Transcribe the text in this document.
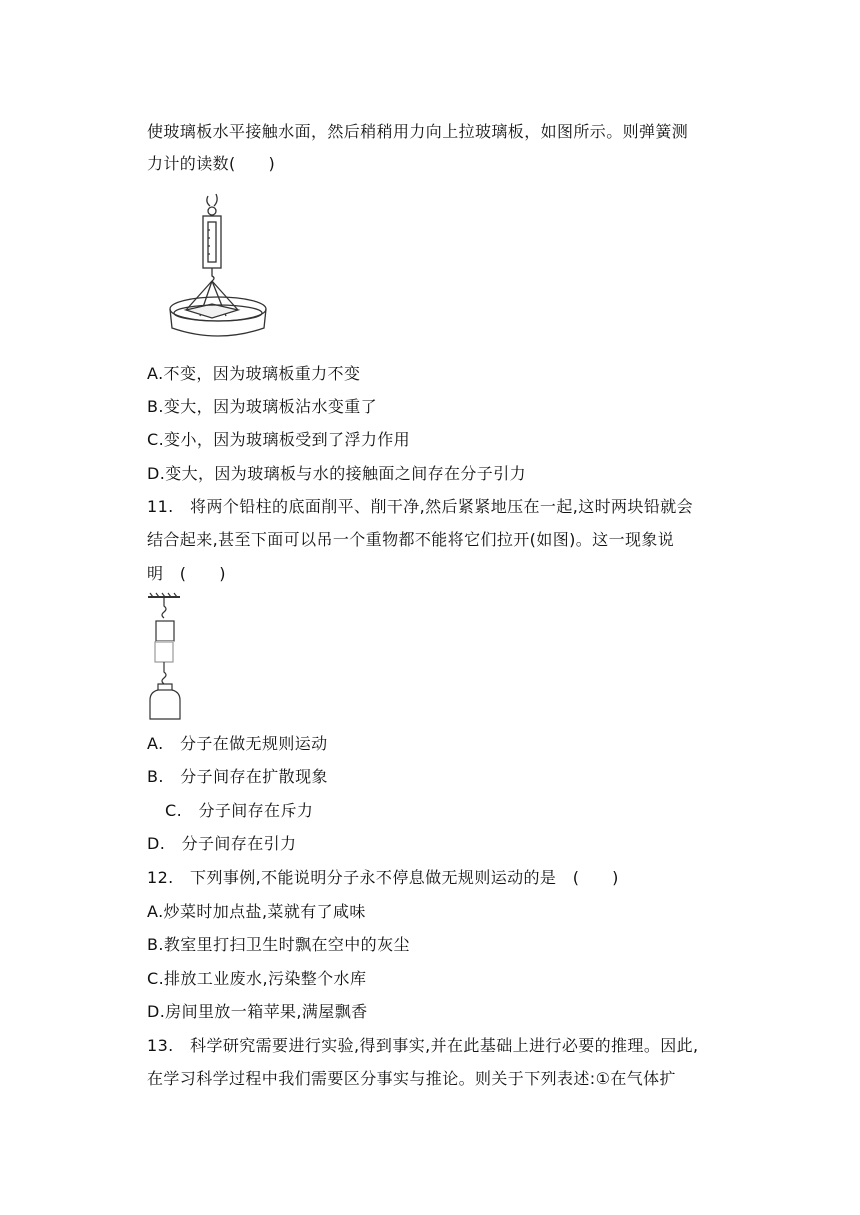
使玻璃板水平接触水面，然后稍稍用力向上拉玻璃板，如图所示。则弹簧测
力计的读数(　　)
A.不变，因为玻璃板重力不变
B.变大，因为玻璃板沾水变重了
C.变小，因为玻璃板受到了浮力作用
D.变大，因为玻璃板与水的接触面之间存在分子引力
11.　将两个铅柱的底面削平、削干净,然后紧紧地压在一起,这时两块铅就会
结合起来,甚至下面可以吊一个重物都不能将它们拉开(如图)。这一现象说
明　(　　)
A.　分子在做无规则运动
B.　分子间存在扩散现象
C.　分子间存在斥力
D.　分子间存在引力
12.　下列事例,不能说明分子永不停息做无规则运动的是　(　　)
A.炒菜时加点盐,菜就有了咸味
B.教室里打扫卫生时飘在空中的灰尘
C.排放工业废水,污染整个水库
D.房间里放一箱苹果,满屋飘香
13.　科学研究需要进行实验,得到事实,并在此基础上进行必要的推理。因此,
在学习科学过程中我们需要区分事实与推论。则关于下列表述:①在气体扩
